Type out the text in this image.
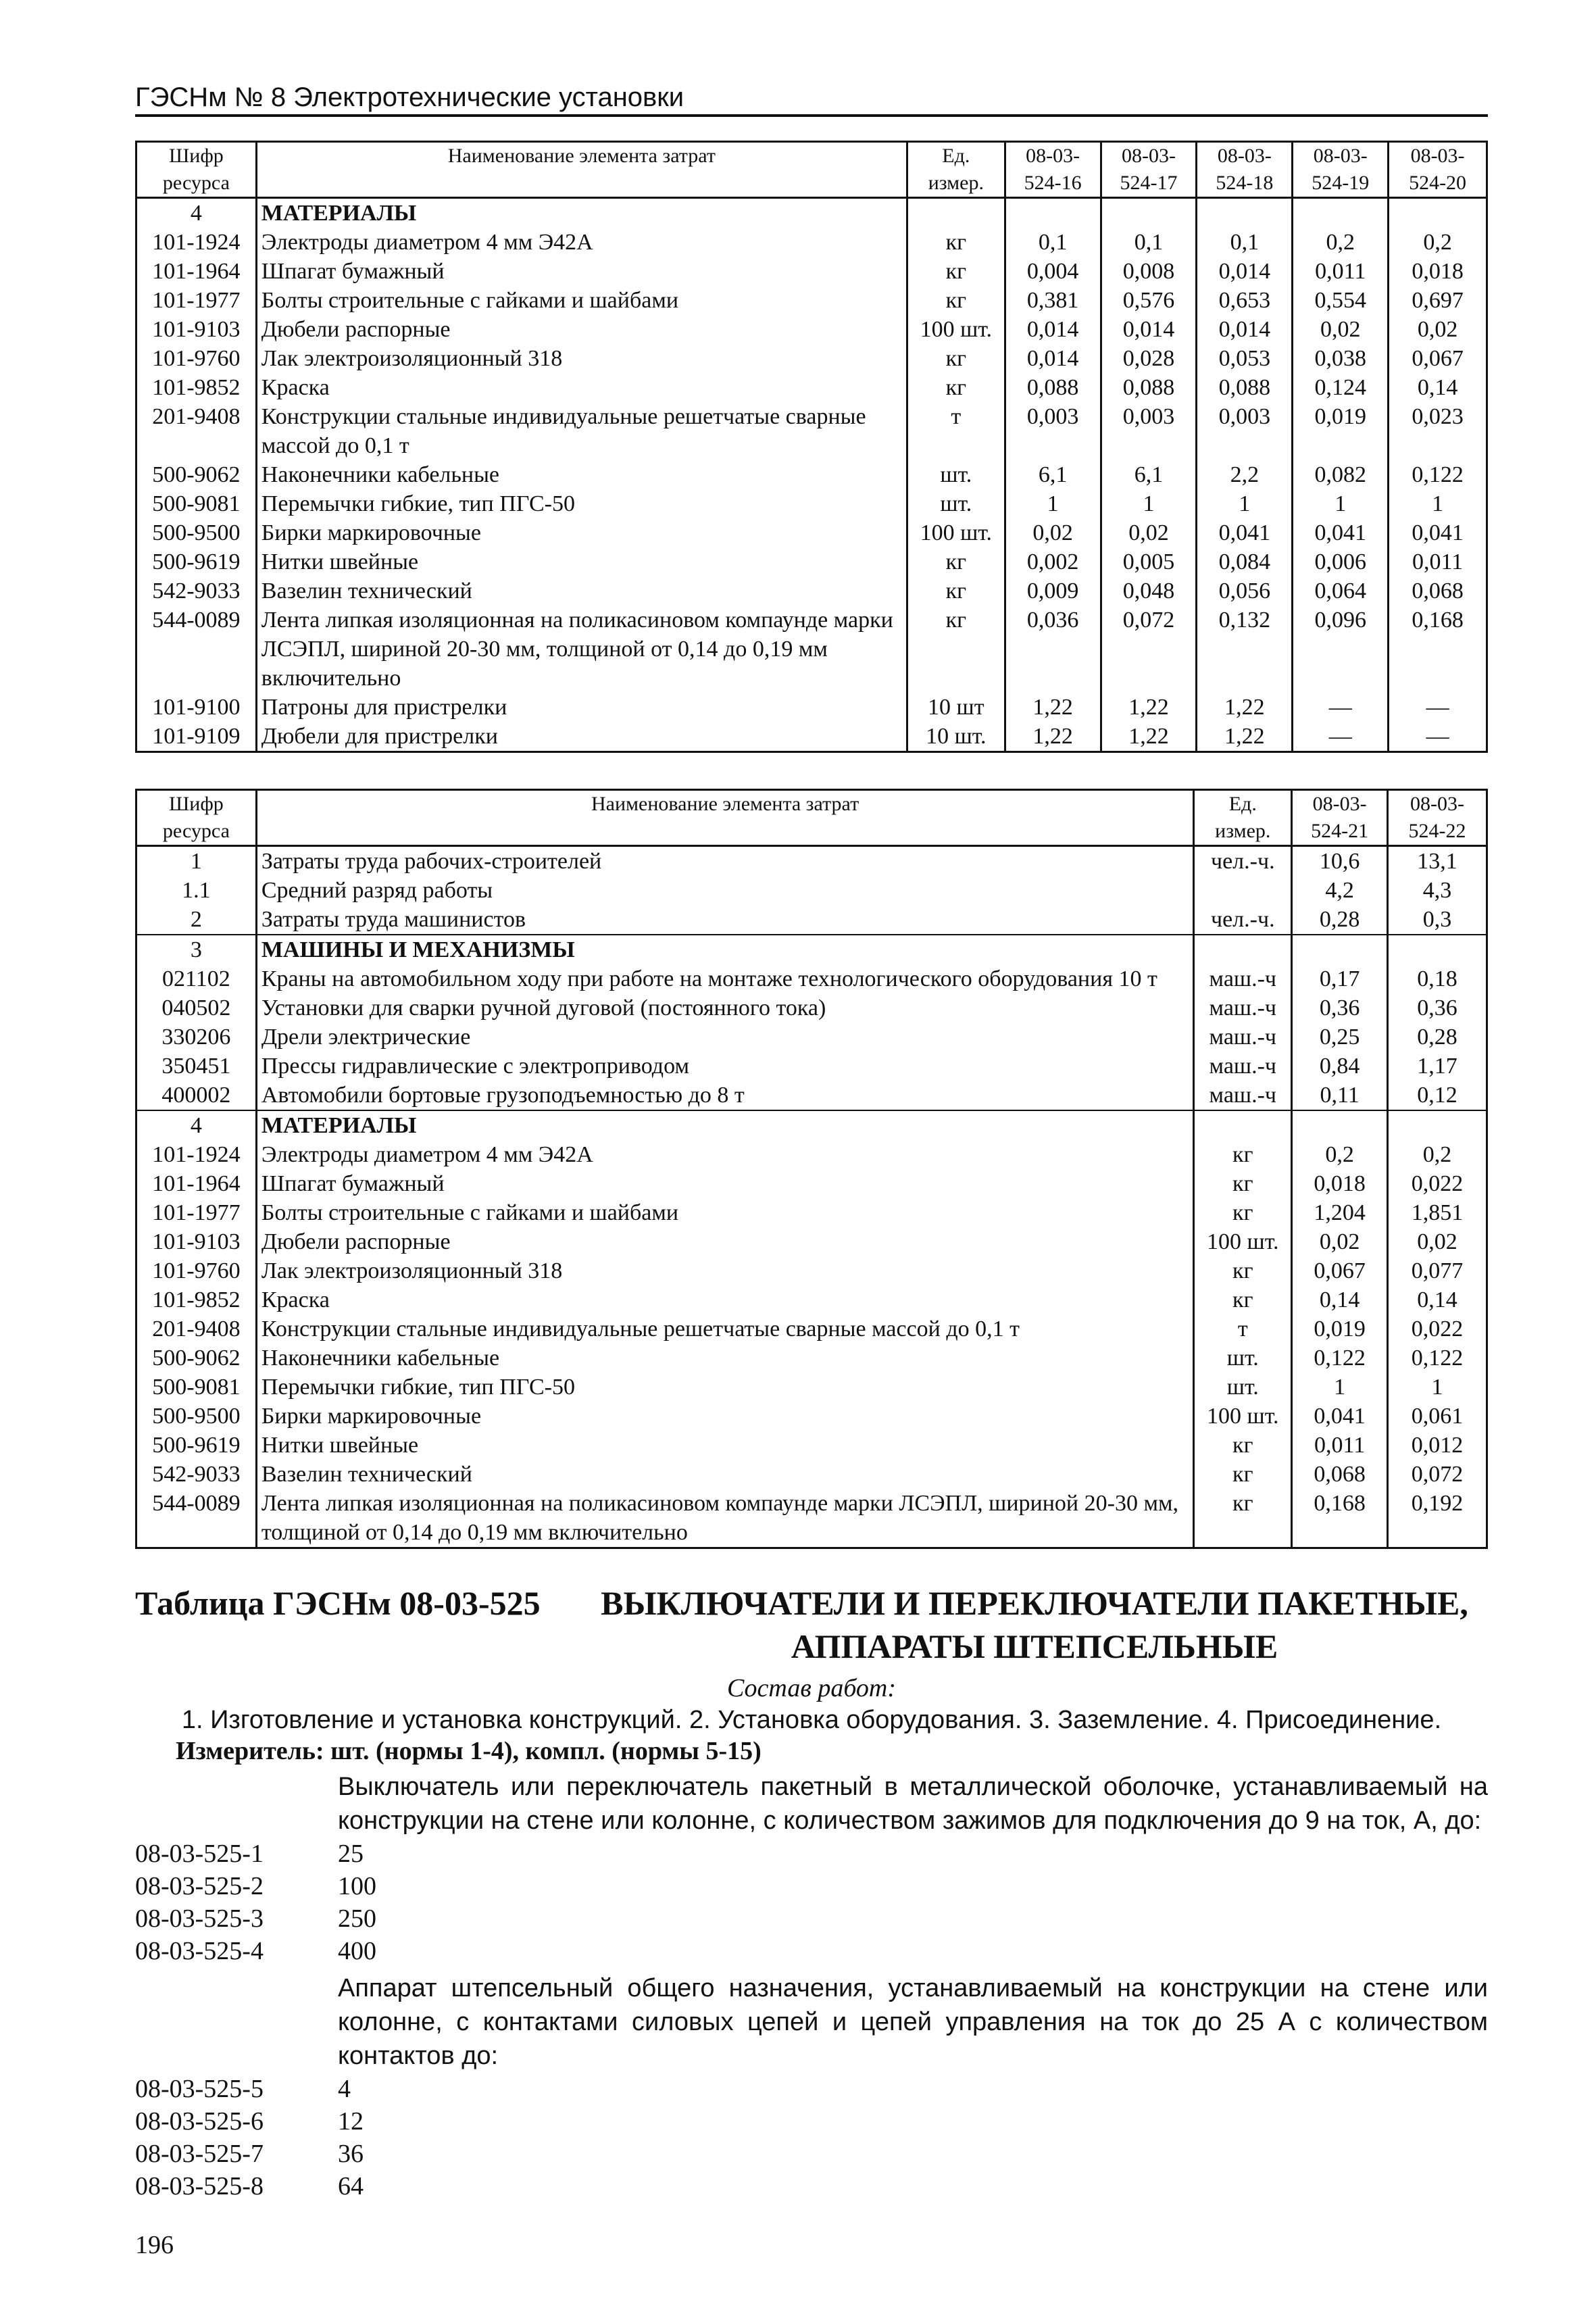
ГЭСНм № 8 Электротехнические установки
Шифр ресурса	Наименование элемента затрат	Ед. измер.	08-03-524-16	08-03-524-17	08-03-524-18	08-03-524-19	08-03-524-20
4	МАТЕРИАЛЫ						
101-1924	Электроды диаметром 4 мм Э42А	кг	0,1	0,1	0,1	0,2	0,2
101-1964	Шпагат бумажный	кг	0,004	0,008	0,014	0,011	0,018
101-1977	Болты строительные с гайками и шайбами	кг	0,381	0,576	0,653	0,554	0,697
101-9103	Дюбели распорные	100 шт.	0,014	0,014	0,014	0,02	0,02
101-9760	Лак электроизоляционный 318	кг	0,014	0,028	0,053	0,038	0,067
101-9852	Краска	кг	0,088	0,088	0,088	0,124	0,14
201-9408	Конструкции стальные индивидуальные решетчатые сварные массой до 0,1 т	т	0,003	0,003	0,003	0,019	0,023
500-9062	Наконечники кабельные	шт.	6,1	6,1	2,2	0,082	0,122
500-9081	Перемычки гибкие, тип ПГС-50	шт.	1	1	1	1	1
500-9500	Бирки маркировочные	100 шт.	0,02	0,02	0,041	0,041	0,041
500-9619	Нитки швейные	кг	0,002	0,005	0,084	0,006	0,011
542-9033	Вазелин технический	кг	0,009	0,048	0,056	0,064	0,068
544-0089	Лента липкая изоляционная на поликасиновом компаунде марки ЛСЭПЛ, шириной 20-30 мм, толщиной от 0,14 до 0,19 мм включительно	кг	0,036	0,072	0,132	0,096	0,168
101-9100	Патроны для пристрелки	10 шт	1,22	1,22	1,22	—	—
101-9109	Дюбели для пристрелки	10 шт.	1,22	1,22	1,22	—	—
Шифр ресурса	Наименование элемента затрат	Ед. измер.	08-03-524-21	08-03-524-22
1	Затраты труда рабочих-строителей	чел.-ч.	10,6	13,1
1.1	Средний разряд работы		4,2	4,3
2	Затраты труда машинистов	чел.-ч.	0,28	0,3
3	МАШИНЫ И МЕХАНИЗМЫ			
021102	Краны на автомобильном ходу при работе на монтаже технологического оборудования 10 т	маш.-ч	0,17	0,18
040502	Установки для сварки ручной дуговой (постоянного тока)	маш.-ч	0,36	0,36
330206	Дрели электрические	маш.-ч	0,25	0,28
350451	Прессы гидравлические с электроприводом	маш.-ч	0,84	1,17
400002	Автомобили бортовые грузоподъемностью до 8 т	маш.-ч	0,11	0,12
4	МАТЕРИАЛЫ			
101-1924	Электроды диаметром 4 мм Э42А	кг	0,2	0,2
101-1964	Шпагат бумажный	кг	0,018	0,022
101-1977	Болты строительные с гайками и шайбами	кг	1,204	1,851
101-9103	Дюбели распорные	100 шт.	0,02	0,02
101-9760	Лак электроизоляционный 318	кг	0,067	0,077
101-9852	Краска	кг	0,14	0,14
201-9408	Конструкции стальные индивидуальные решетчатые сварные массой до 0,1 т	т	0,019	0,022
500-9062	Наконечники кабельные	шт.	0,122	0,122
500-9081	Перемычки гибкие, тип ПГС-50	шт.	1	1
500-9500	Бирки маркировочные	100 шт.	0,041	0,061
500-9619	Нитки швейные	кг	0,011	0,012
542-9033	Вазелин технический	кг	0,068	0,072
544-0089	Лента липкая изоляционная на поликасиновом компаунде марки ЛСЭПЛ, шириной 20-30 мм, толщиной от 0,14 до 0,19 мм включительно	кг	0,168	0,192
Таблица ГЭСНм 08-03-525	ВЫКЛЮЧАТЕЛИ И ПЕРЕКЛЮЧАТЕЛИ ПАКЕТНЫЕ, АППАРАТЫ ШТЕПСЕЛЬНЫЕ
Состав работ:
1. Изготовление и установка конструкций. 2. Установка оборудования. 3. Заземление. 4. Присоединение.
Измеритель: шт. (нормы 1-4), компл. (нормы 5-15)
Выключатель или переключатель пакетный в металлической оболочке, устанавливаемый на конструкции на стене или колонне, с количеством зажимов для подключения до 9 на ток, А, до:
08-03-525-1	25
08-03-525-2	100
08-03-525-3	250
08-03-525-4	400
Аппарат штепсельный общего назначения, устанавливаемый на конструкции на стене или колонне, с контактами силовых цепей и цепей управления на ток до 25 А с количеством контактов до:
08-03-525-5	4
08-03-525-6	12
08-03-525-7	36
08-03-525-8	64
196
